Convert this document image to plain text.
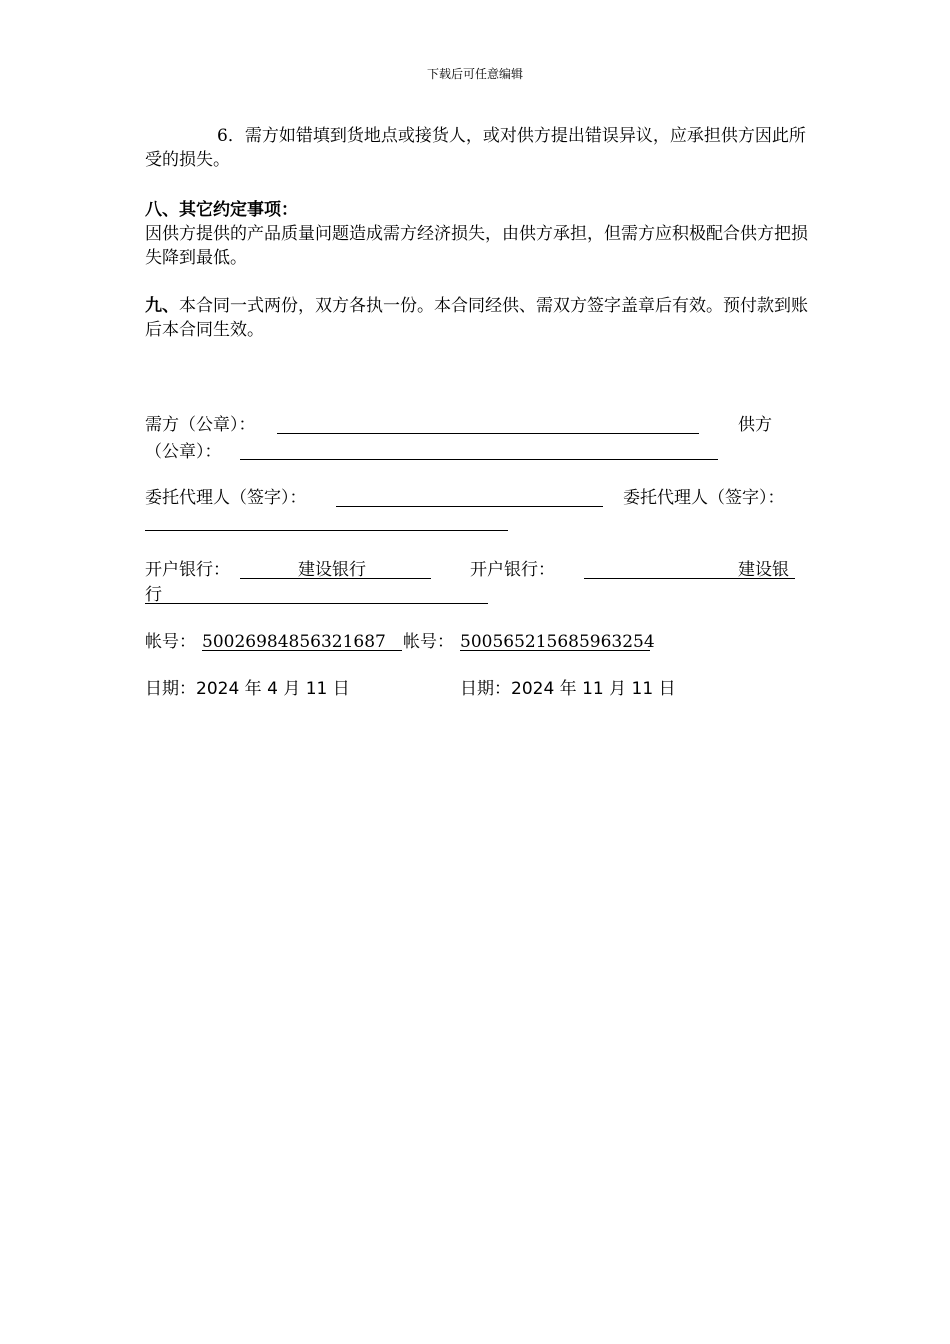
下载后可任意编辑

6．需方如错填到货地点或接货人，或对供方提出错误异议，应承担供方因此所受的损失。

八、其它约定事项：

因供方提供的产品质量问题造成需方经济损失，由供方承担，但需方应积极配合供方把损失降到最低。

九、本合同一式两份，双方各执一份。本合同经供、需双方签字盖章后有效。预付款到账后本合同生效。

需方（公章）：	供方
（公章）：
委托代理人（签字）：	委托代理人（签字）：
开户银行：	建设银行	开户银行：	建设银
行
帐号： 50026984856321687 帐号： 500565215685963254
日期：2024 年 4 月 11 日	日期：2024 年 11 月 11 日
